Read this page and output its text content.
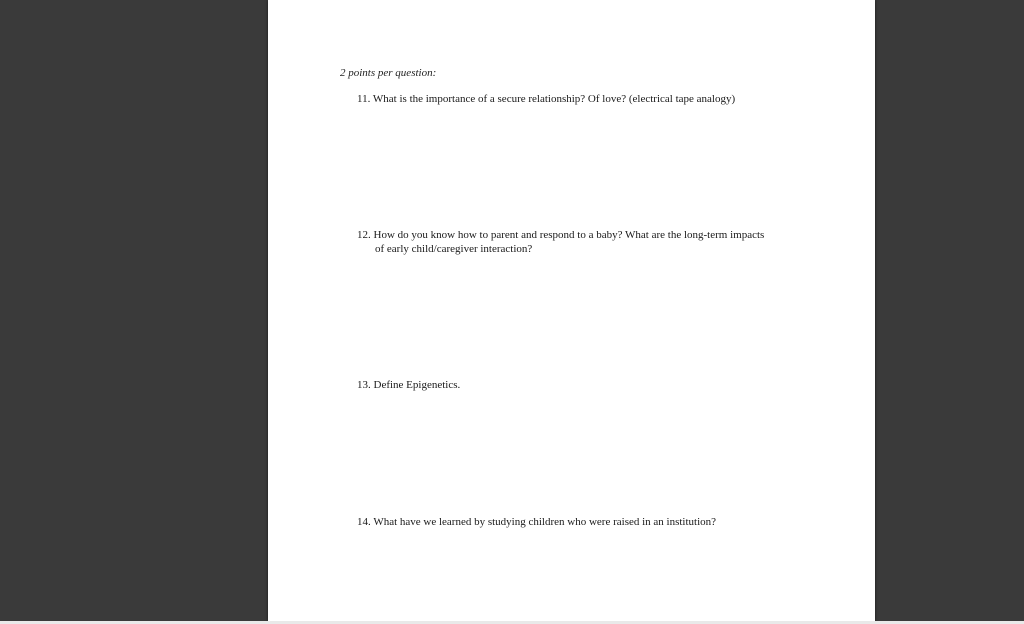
2 points per question:
11. What is the importance of a secure relationship? Of love? (electrical tape analogy)
12. How do you know how to parent and respond to a baby? What are the long-term impacts
of early child/caregiver interaction?
13. Define Epigenetics.
14. What have we learned by studying children who were raised in an institution?
